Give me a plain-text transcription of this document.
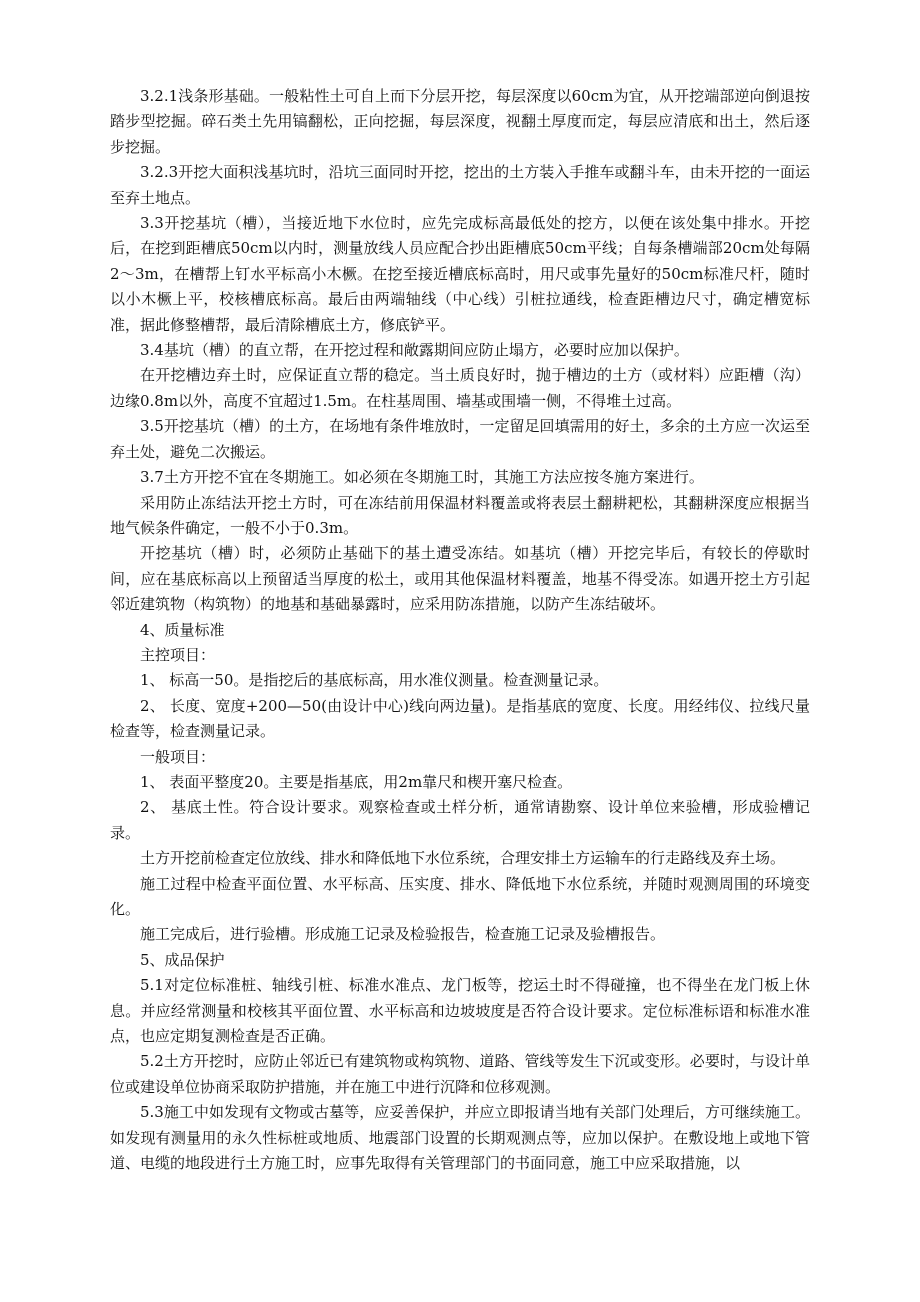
3.2.1浅条形基础。一般粘性土可自上而下分层开挖，每层深度以60cm为宜，从开挖端部逆向倒退按踏步型挖掘。碎石类土先用镐翻松，正向挖掘，每层深度，视翻土厚度而定，每层应清底和出土，然后逐步挖掘。

3.2.3开挖大面积浅基坑时，沿坑三面同时开挖，挖出的土方装入手推车或翻斗车，由未开挖的一面运至弃土地点。

3.3开挖基坑（槽），当接近地下水位时，应先完成标高最低处的挖方，以便在该处集中排水。开挖后，在挖到距槽底50cm以内时，测量放线人员应配合抄出距槽底50cm平线；自每条槽端部20cm处每隔2～3m，在槽帮上钉水平标高小木橛。在挖至接近槽底标高时，用尺或事先量好的50cm标准尺杆，随时以小木橛上平，校核槽底标高。最后由两端轴线（中心线）引桩拉通线，检查距槽边尺寸，确定槽宽标准，据此修整槽帮，最后清除槽底土方，修底铲平。

3.4基坑（槽）的直立帮，在开挖过程和敞露期间应防止塌方，必要时应加以保护。

在开挖槽边弃土时，应保证直立帮的稳定。当土质良好时，抛于槽边的土方（或材料）应距槽（沟）边缘0.8m以外，高度不宜超过1.5m。在柱基周围、墙基或围墙一侧，不得堆土过高。

3.5开挖基坑（槽）的土方，在场地有条件堆放时，一定留足回填需用的好土，多余的土方应一次运至弃土处，避免二次搬运。

3.7土方开挖不宜在冬期施工。如必须在冬期施工时，其施工方法应按冬施方案进行。

采用防止冻结法开挖土方时，可在冻结前用保温材料覆盖或将表层土翻耕耙松，其翻耕深度应根据当地气候条件确定，一般不小于0.3m。

开挖基坑（槽）时，必须防止基础下的基土遭受冻结。如基坑（槽）开挖完毕后，有较长的停歇时间，应在基底标高以上预留适当厚度的松土，或用其他保温材料覆盖，地基不得受冻。如遇开挖土方引起邻近建筑物（构筑物）的地基和基础暴露时，应采用防冻措施，以防产生冻结破坏。

4、质量标准

主控项目：

1、 标高一50。是指挖后的基底标高，用水准仪测量。检查测量记录。

2、 长度、宽度+200—50(由设计中心)线向两边量)。是指基底的宽度、长度。用经纬仪、拉线尺量检查等，检查测量记录。

一般项目：

1、 表面平整度20。主要是指基底，用2m靠尺和楔开塞尺检查。

2、 基底土性。符合设计要求。观察检查或土样分析，通常请勘察、设计单位来验槽，形成验槽记录。

土方开挖前检查定位放线、排水和降低地下水位系统，合理安排土方运输车的行走路线及弃土场。

施工过程中检查平面位置、水平标高、压实度、排水、降低地下水位系统，并随时观测周围的环境变化。

施工完成后，进行验槽。形成施工记录及检验报告，检查施工记录及验槽报告。

5、成品保护

5.1对定位标准桩、轴线引桩、标准水准点、龙门板等，挖运土时不得碰撞，也不得坐在龙门板上休息。并应经常测量和校核其平面位置、水平标高和边坡坡度是否符合设计要求。定位标准标语和标准水准点，也应定期复测检查是否正确。

5.2土方开挖时，应防止邻近已有建筑物或构筑物、道路、管线等发生下沉或变形。必要时，与设计单位或建设单位协商采取防护措施，并在施工中进行沉降和位移观测。

5.3施工中如发现有文物或古墓等，应妥善保护，并应立即报请当地有关部门处理后，方可继续施工。如发现有测量用的永久性标桩或地质、地震部门设置的长期观测点等，应加以保护。在敷设地上或地下管道、电缆的地段进行土方施工时，应事先取得有关管理部门的书面同意，施工中应采取措施，以
